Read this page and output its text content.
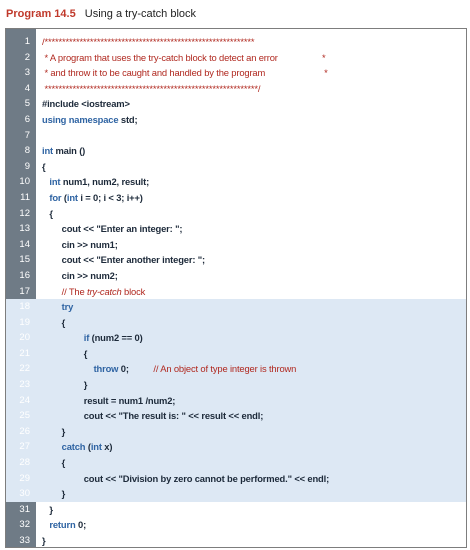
Program 14.5 Using a try-catch block
1 /************************************************************
2 * A program that uses the try-catch block to detect an error                  *
3 * and throw it to be caught and handled by the program                        *
4 *************************************************************/
5 #include <iostream>
6 using namespace std;
7
8 int main ()
9 {
10	int num1, num2, result;
11	for (int i = 0; i < 3; i++)
12 {
13 cout << "Enter an integer: ";
14 cin >> num1;
15 cout << "Enter another integer: ";
16 cin >> num2;
17 // The try-catch block
18	try
19 {
20	if (num2 == 0)
21 {
22	throw 0;          // An object of type integer is thrown
23 }
24 result = num1 /num2;
25 cout << "The result is: " << result << endl;
26 }
27	catch (int x)
28 {
29 cout << "Division by zero cannot be performed." << endl;
30 }
31 }
32	return 0;
33 }
